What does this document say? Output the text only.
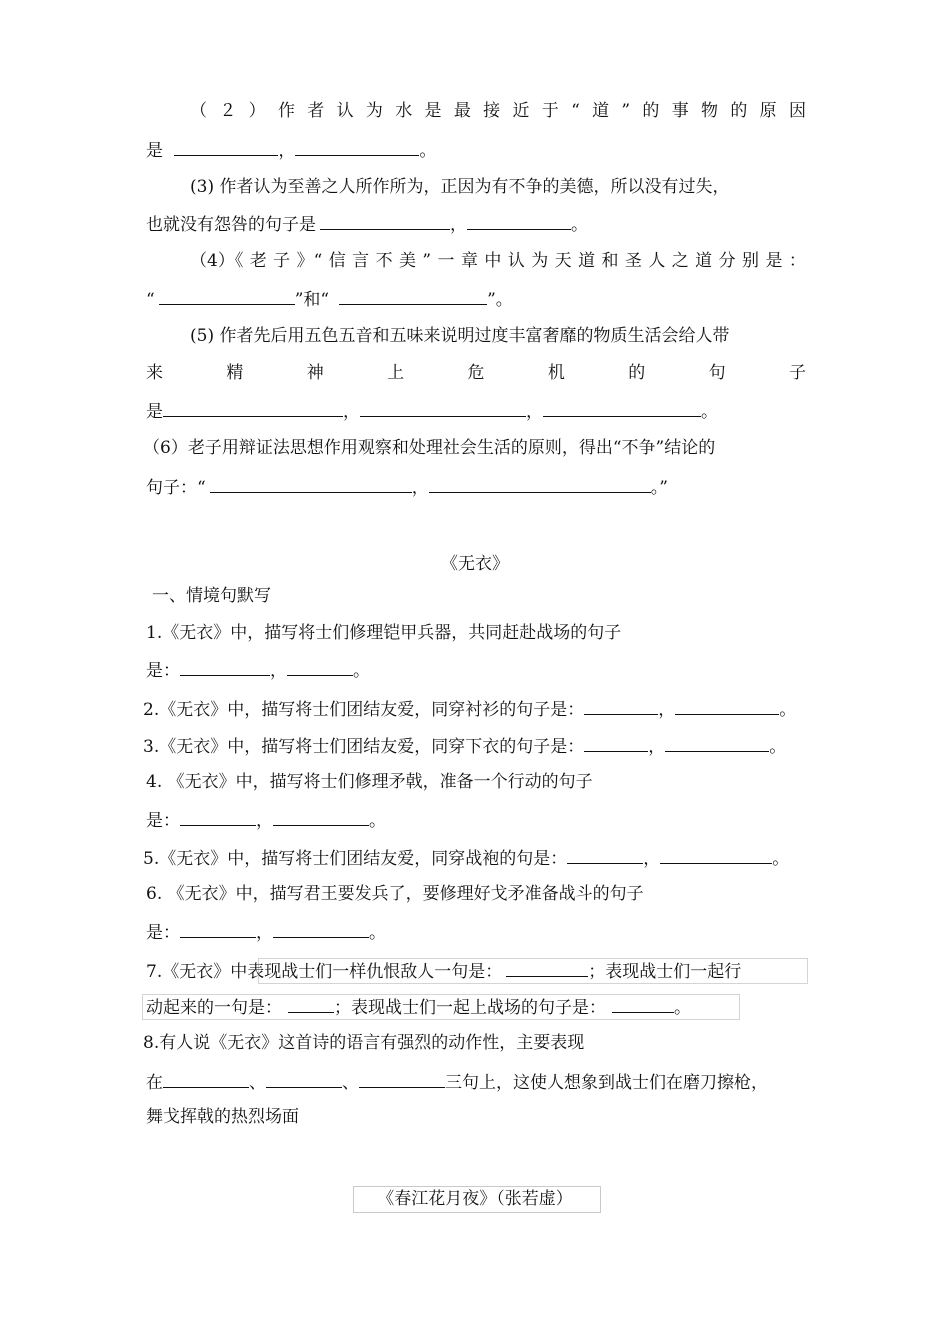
（ ２ ） 作 者 认 为 水 是 最 接 近 于 “ 道 ” 的 事 物 的 原 因
是	，	。
(3) 作者认为至善之人所作所为，正因为有不争的美德，所以没有过失，
也就没有怨咎的句子是	，	。
（4）《 老 子 》“ 信 言 不 美 ” 一 章 中 认 为 天 道 和 圣 人 之 道 分 别 是 ：
“	”和“	”。
(5) 作者先后用五色五音和五味来说明过度丰富奢靡的物质生活会给人带
来	精	神	上	危	机	的	句	子
是	，	，	。
（6）老子用辩证法思想作用观察和处理社会生活的原则，得出“不争”结论的
句子：“	，	。”
《无衣》
一、情境句默写
1.《无衣》中，描写将士们修理铠甲兵器，共同赶赴战场的句子
是：	，	。
2.《无衣》中，描写将士们团结友爱，同穿衬衫的句子是：	，	。
3.《无衣》中，描写将士们团结友爱，同穿下衣的句子是：	，	。
4. 《无衣》中，描写将士们修理矛戟，准备一个行动的句子
是：	，	。
5.《无衣》中，描写将士们团结友爱，同穿战袍的句是：	，	。
6. 《无衣》中，描写君王要发兵了，要修理好戈矛准备战斗的句子
是：	，	。
7.《无衣》中表现战士们一样仇恨敌人一句是：	；表现战士们一起行
动起来的一句是：	；表现战士们一起上战场的句子是：	。
8.有人说《无衣》这首诗的语言有强烈的动作性，主要表现
在	、	、	三句上，这使人想象到战士们在磨刀擦枪，
舞戈挥戟的热烈场面
《春江花月夜》（张若虚）
